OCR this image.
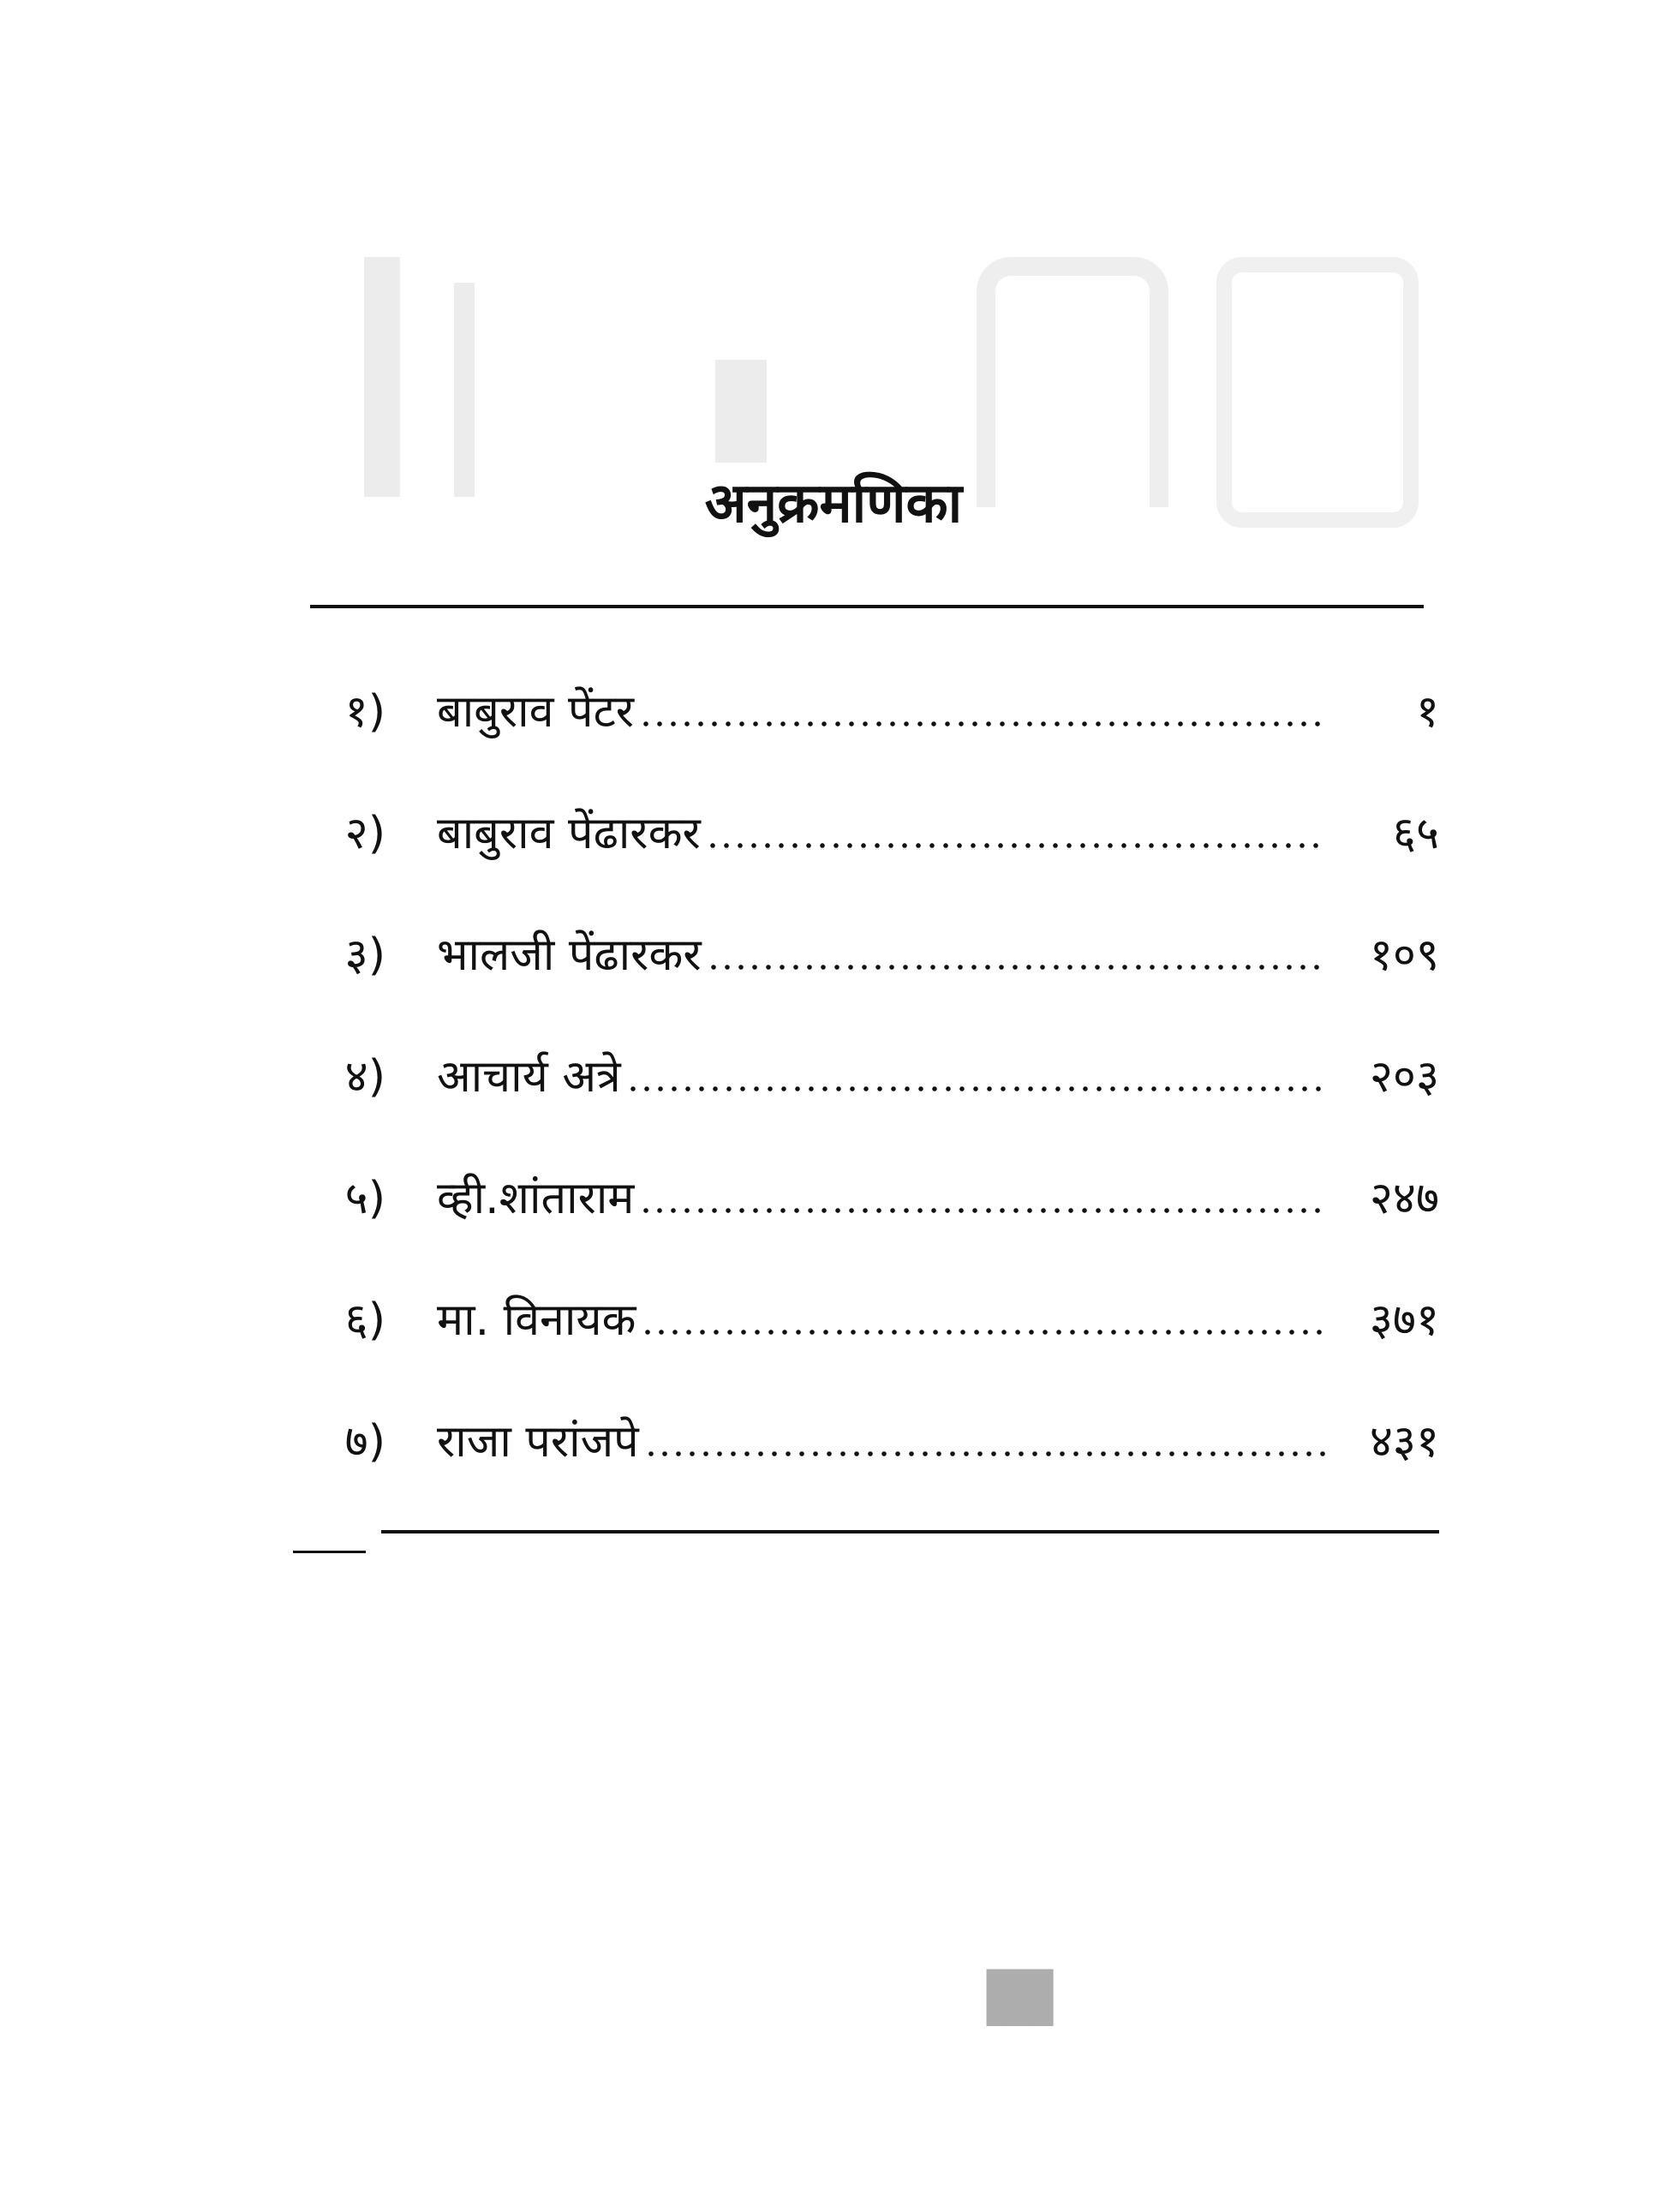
अनुक्रमणिका
१)	बाबुराव पेंटर	१
२)	बाबुराव पेंढारकर	६५
३)	भालजी पेंढारकर	१०९
४)	आचार्य अत्रे	२०३
५)	व्ही.शांताराम	२४७
६)	मा. विनायक	३७१
७)	राजा परांजपे	४३१
▐█▌
